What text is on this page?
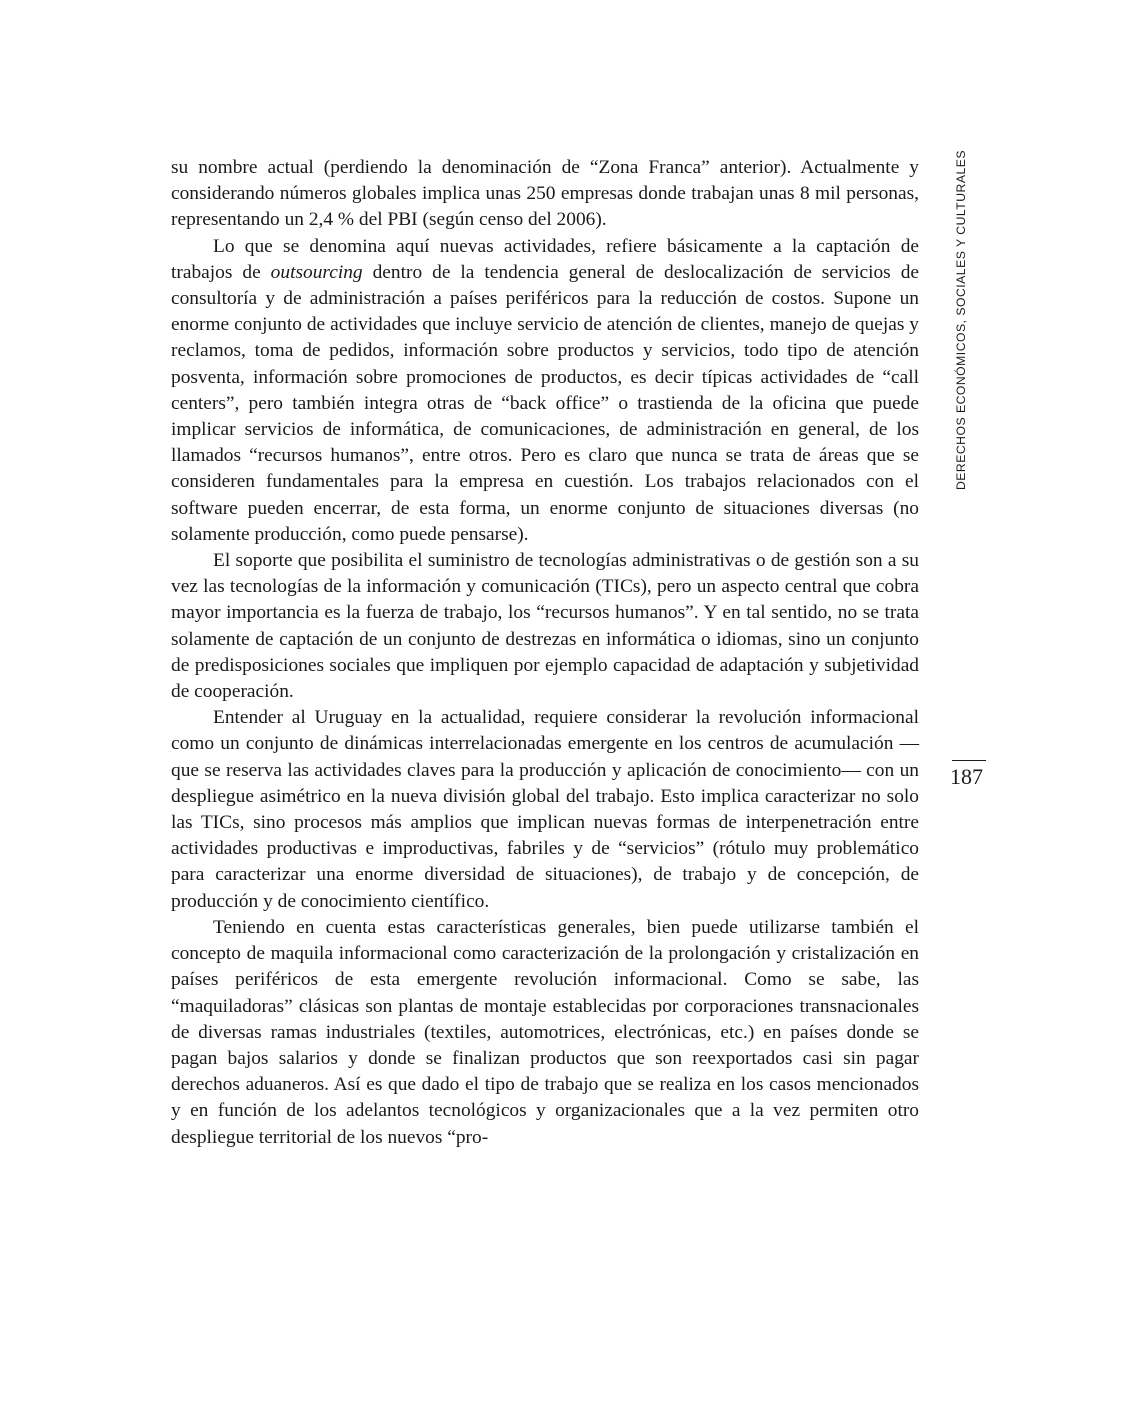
DERECHOS ECONÓMICOS, SOCIALES Y CULTURALES
187

su nombre actual (perdiendo la denominación de “Zona Franca” anterior). Actualmente y considerando números globales implica unas 250 empresas donde trabajan unas 8 mil personas, representando un 2,4 % del PBI (según censo del 2006).

Lo que se denomina aquí nuevas actividades, refiere básicamente a la captación de trabajos de outsourcing dentro de la tendencia general de deslocalización de servicios de consultoría y de administración a países periféricos para la reducción de costos. Supone un enorme conjunto de actividades que incluye servicio de atención de clientes, manejo de quejas y reclamos, toma de pedidos, información sobre productos y servicios, todo tipo de atención posventa, información sobre promociones de productos, es decir típicas actividades de “call centers”, pero también integra otras de “back office” o trastienda de la oficina que puede implicar servicios de informática, de comunicaciones, de administración en general, de los llamados “recursos humanos”, entre otros. Pero es claro que nunca se trata de áreas que se consideren fundamentales para la empresa en cuestión. Los trabajos relacionados con el software pueden encerrar, de esta forma, un enorme conjunto de situaciones diversas (no solamente producción, como puede pensarse).

El soporte que posibilita el suministro de tecnologías administrativas o de gestión son a su vez las tecnologías de la información y comunicación (TICs), pero un aspecto central que cobra mayor importancia es la fuerza de trabajo, los “recursos humanos”. Y en tal sentido, no se trata solamente de captación de un conjunto de destrezas en informática o idiomas, sino un conjunto de predisposiciones sociales que impliquen por ejemplo capacidad de adaptación y subjetividad de cooperación.

Entender al Uruguay en la actualidad, requiere considerar la revolución informacional como un conjunto de dinámicas interrelacionadas emergente en los centros de acumulación —que se reserva las actividades claves para la producción y aplicación de conocimiento— con un despliegue asimétrico en la nueva división global del trabajo. Esto implica caracterizar no solo las TICs, sino procesos más amplios que implican nuevas formas de interpenetración entre actividades productivas e improductivas, fabriles y de “servicios” (rótulo muy problemático para caracterizar una enorme diversidad de situaciones), de trabajo y de concepción, de producción y de conocimiento científico.

Teniendo en cuenta estas características generales, bien puede utilizarse también el concepto de maquila informacional como caracterización de la prolongación y cristalización en países periféricos de esta emergente revolución informacional. Como se sabe, las “maquiladoras” clásicas son plantas de montaje establecidas por corporaciones transnacionales de diversas ramas industriales (textiles, automotrices, electrónicas, etc.) en países donde se pagan bajos salarios y donde se finalizan productos que son reexportados casi sin pagar derechos aduaneros. Así es que dado el tipo de trabajo que se realiza en los casos mencionados y en función de los adelantos tecnológicos y organizacionales que a la vez permiten otro despliegue territorial de los nuevos “pro-
